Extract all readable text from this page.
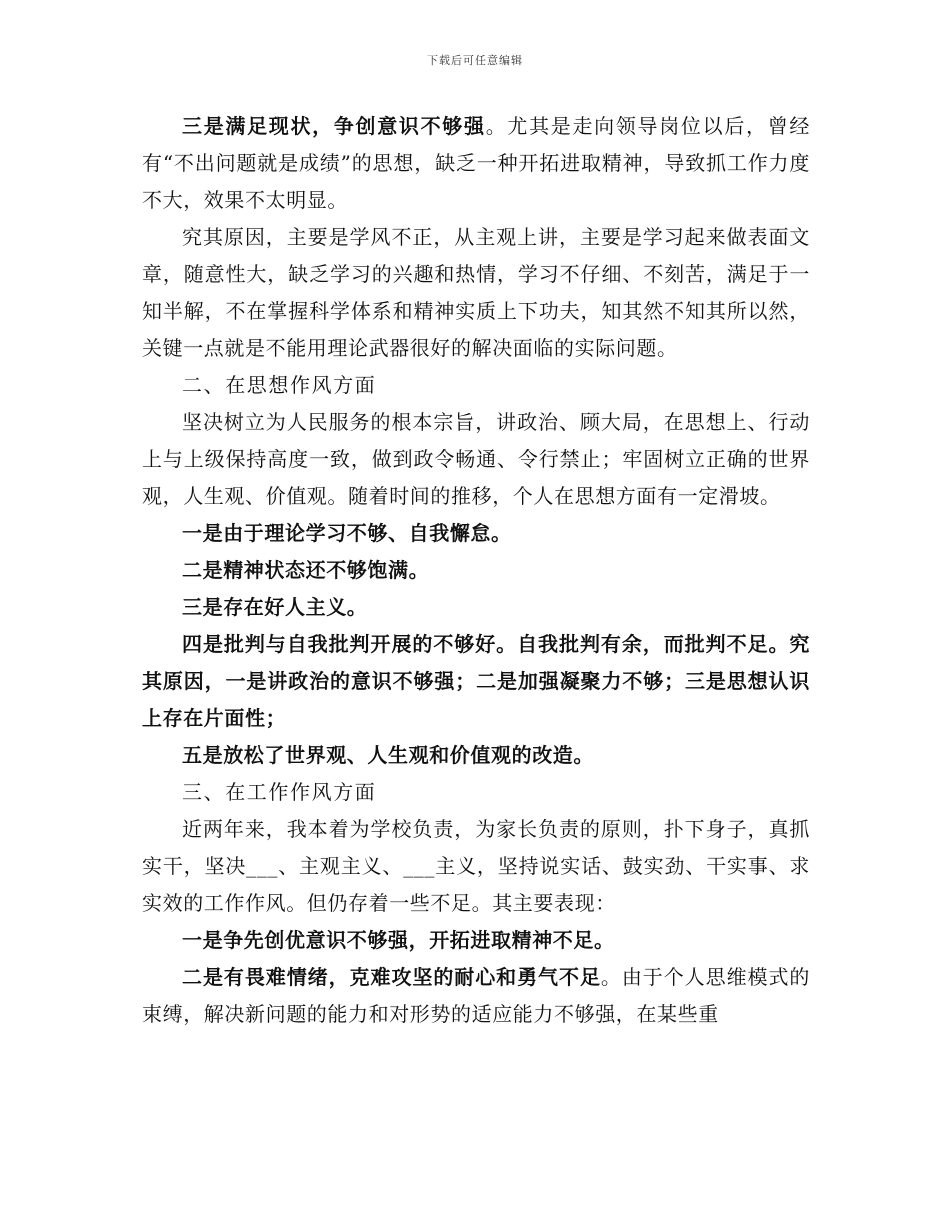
下载后可任意编辑

三是满足现状，争创意识不够强。尤其是走向领导岗位以后，曾经有“不出问题就是成绩”的思想，缺乏一种开拓进取精神，导致抓工作力度不大，效果不太明显。

究其原因，主要是学风不正，从主观上讲，主要是学习起来做表面文章，随意性大，缺乏学习的兴趣和热情，学习不仔细、不刻苦，满足于一知半解，不在掌握科学体系和精神实质上下功夫，知其然不知其所以然，关键一点就是不能用理论武器很好的解决面临的实际问题。

二、在思想作风方面

坚决树立为人民服务的根本宗旨，讲政治、顾大局，在思想上、行动上与上级保持高度一致，做到政令畅通、令行禁止；牢固树立正确的世界观，人生观、价值观。随着时间的推移，个人在思想方面有一定滑坡。

一是由于理论学习不够、自我懈怠。

二是精神状态还不够饱满。

三是存在好人主义。

四是批判与自我批判开展的不够好。自我批判有余，而批判不足。究其原因，一是讲政治的意识不够强；二是加强凝聚力不够；三是思想认识上存在片面性；

五是放松了世界观、人生观和价值观的改造。

三、在工作作风方面

近两年来，我本着为学校负责，为家长负责的原则，扑下身子，真抓实干，坚决___、主观主义、___主义，坚持说实话、鼓实劲、干实事、求实效的工作作风。但仍存着一些不足。其主要表现：

一是争先创优意识不够强，开拓进取精神不足。

二是有畏难情绪，克难攻坚的耐心和勇气不足。由于个人思维模式的束缚，解决新问题的能力和对形势的适应能力不够强，在某些重
